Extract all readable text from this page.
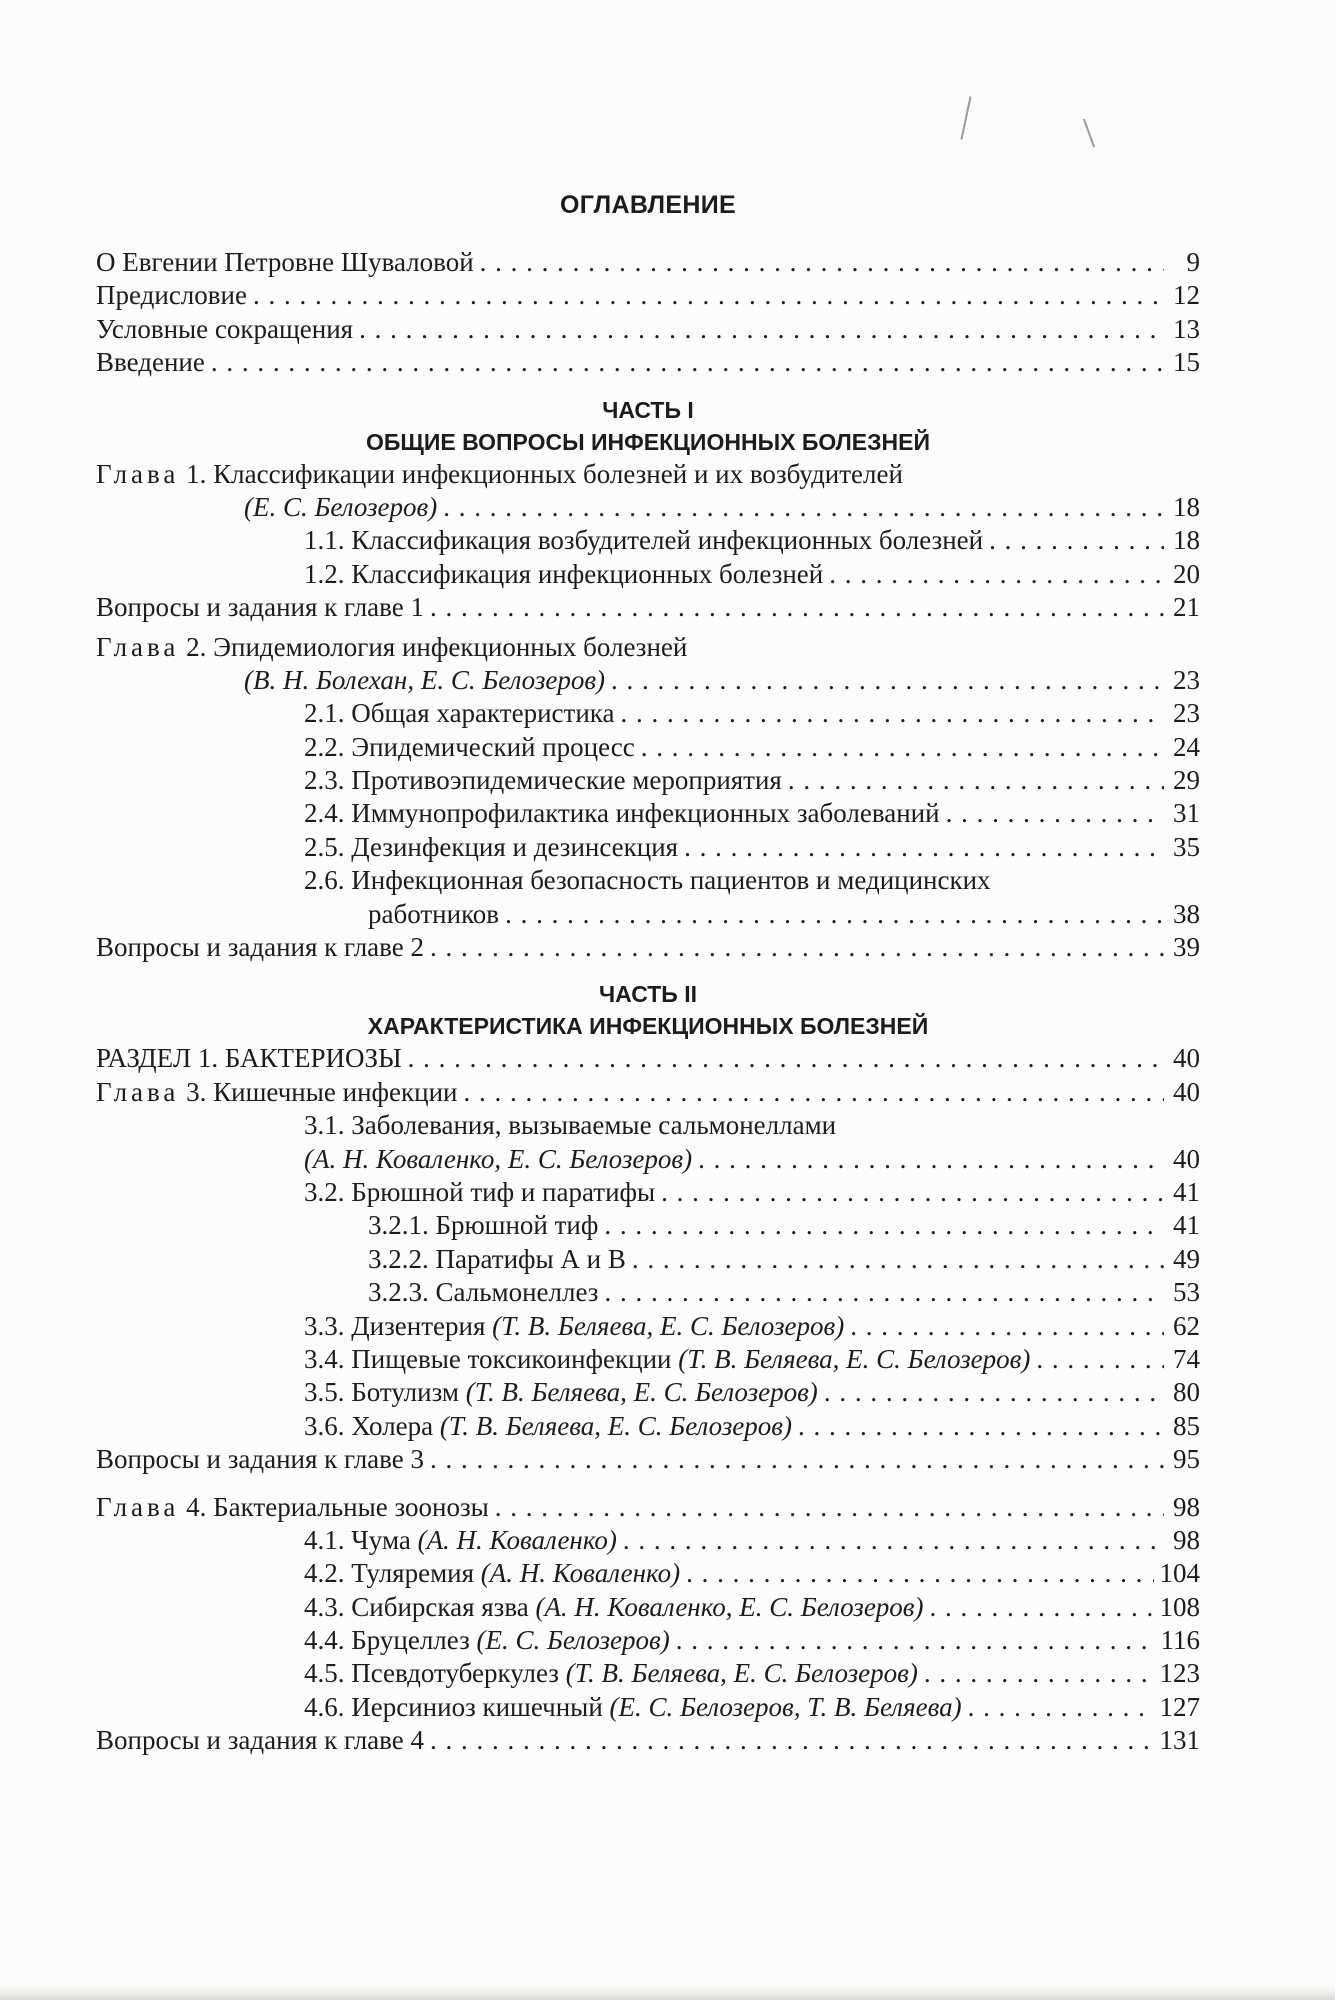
ОГЛАВЛЕНИЕ
О Евгении Петровне Шуваловой . . .	9
Предисловие . . .	12
Условные сокращения . . .	13
Введение . . .	15
ЧАСТЬ I
ОБЩИЕ ВОПРОСЫ ИНФЕКЦИОННЫХ БОЛЕЗНЕЙ
Глава 1. Классификации инфекционных болезней и их возбудителей
(Е. С. Белозеров) . . .	18
1.1. Классификация возбудителей инфекционных болезней . . .	18
1.2. Классификация инфекционных болезней . . .	20
Вопросы и задания к главе 1 . . .	21
Глава 2. Эпидемиология инфекционных болезней
(В. Н. Болехан, Е. С. Белозеров) . . .	23
2.1. Общая характеристика . . .	23
2.2. Эпидемический процесс . . .	24
2.3. Противоэпидемические мероприятия . . .	29
2.4. Иммунопрофилактика инфекционных заболеваний . . .	31
2.5. Дезинфекция и дезинсекция . . .	35
2.6. Инфекционная безопасность пациентов и медицинских
работников . . .	38
Вопросы и задания к главе 2 . . .	39
ЧАСТЬ II
ХАРАКТЕРИСТИКА ИНФЕКЦИОННЫХ БОЛЕЗНЕЙ
РАЗДЕЛ 1. БАКТЕРИОЗЫ . . .	40
Глава 3. Кишечные инфекции . . .	40
3.1. Заболевания, вызываемые сальмонеллами
(А. Н. Коваленко, Е. С. Белозеров) . . .	40
3.2. Брюшной тиф и паратифы . . .	41
3.2.1. Брюшной тиф . . .	41
3.2.2. Паратифы А и В . . .	49
3.2.3. Сальмонеллез . . .	53
3.3. Дизентерия (Т. В. Беляева, Е. С. Белозеров) . . .	62
3.4. Пищевые токсикоинфекции (Т. В. Беляева, Е. С. Белозеров) . . .	74
3.5. Ботулизм (Т. В. Беляева, Е. С. Белозеров) . . .	80
3.6. Холера (Т. В. Беляева, Е. С. Белозеров) . . .	85
Вопросы и задания к главе 3 . . .	95
Глава 4. Бактериальные зоонозы . . .	98
4.1. Чума (А. Н. Коваленко) . . .	98
4.2. Туляремия (А. Н. Коваленко) . . .	104
4.3. Сибирская язва (А. Н. Коваленко, Е. С. Белозеров) . . .	108
4.4. Бруцеллез (Е. С. Белозеров) . . .	116
4.5. Псевдотуберкулез (Т. В. Беляева, Е. С. Белозеров) . . .	123
4.6. Иерсиниоз кишечный (Е. С. Белозеров, Т. В. Беляева) . . .	127
Вопросы и задания к главе 4 . . .	131
